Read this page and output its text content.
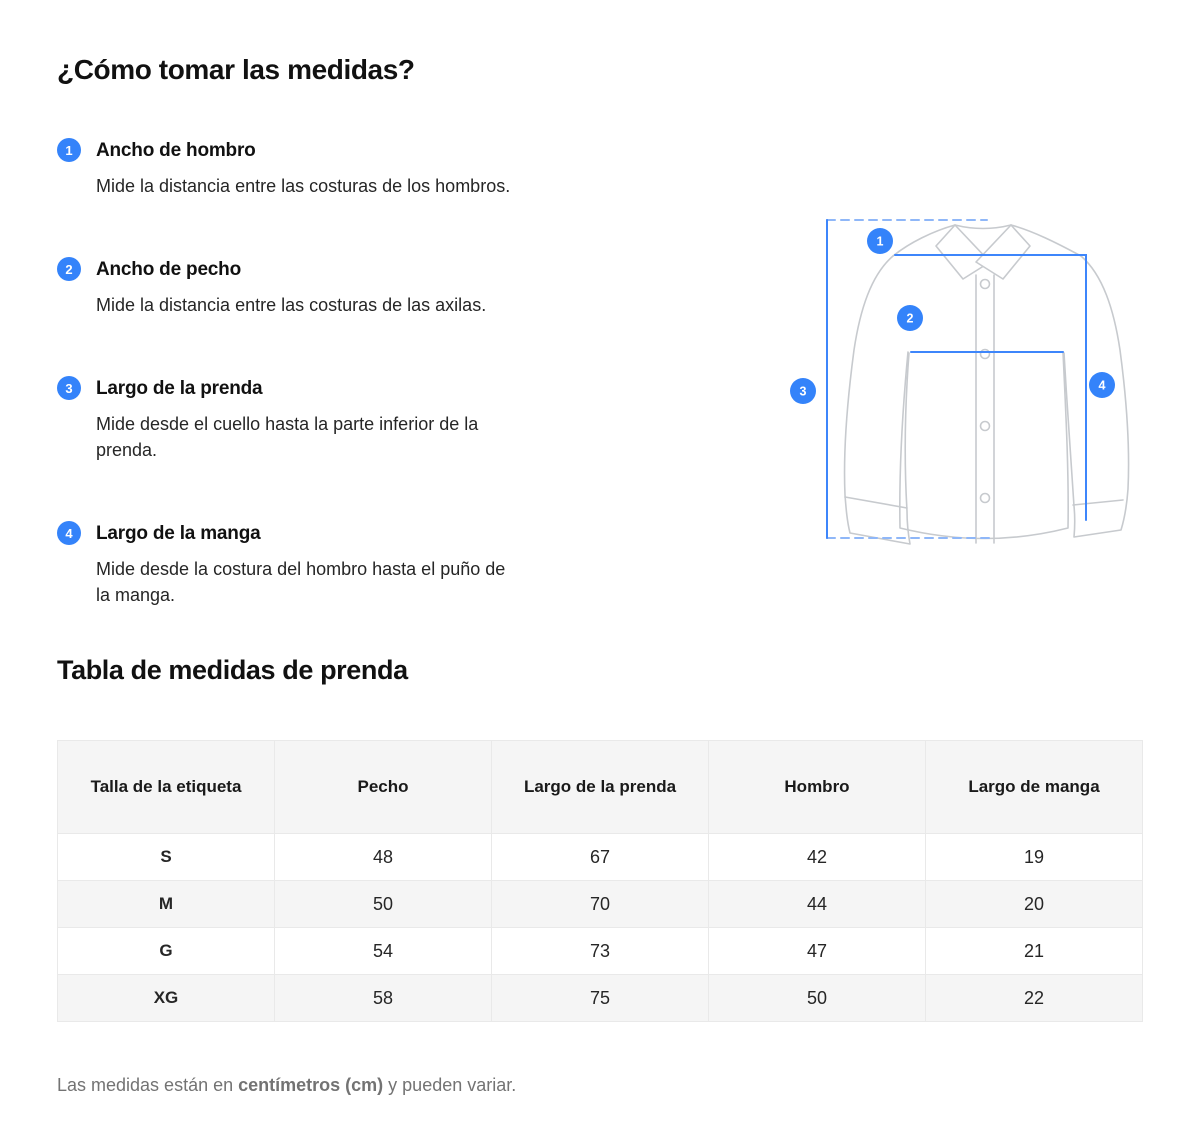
¿Cómo tomar las medidas?
1	Ancho de hombro
Mide la distancia entre las costuras de los hombros.
2	Ancho de pecho
Mide la distancia entre las costuras de las axilas.
3	Largo de la prenda
Mide desde el cuello hasta la parte inferior de la
prenda.
4	Largo de la manga
Mide desde la costura del hombro hasta el puño de
la manga.
1
2
3	4
Tabla de medidas de prenda
Talla de la etiqueta	Pecho	Largo de la prenda	Hombro	Largo de manga
S	48	67	42	19
M	50	70	44	20
G	54	73	47	21
XG	58	75	50	22

Las medidas están en centímetros (cm) y pueden variar.
